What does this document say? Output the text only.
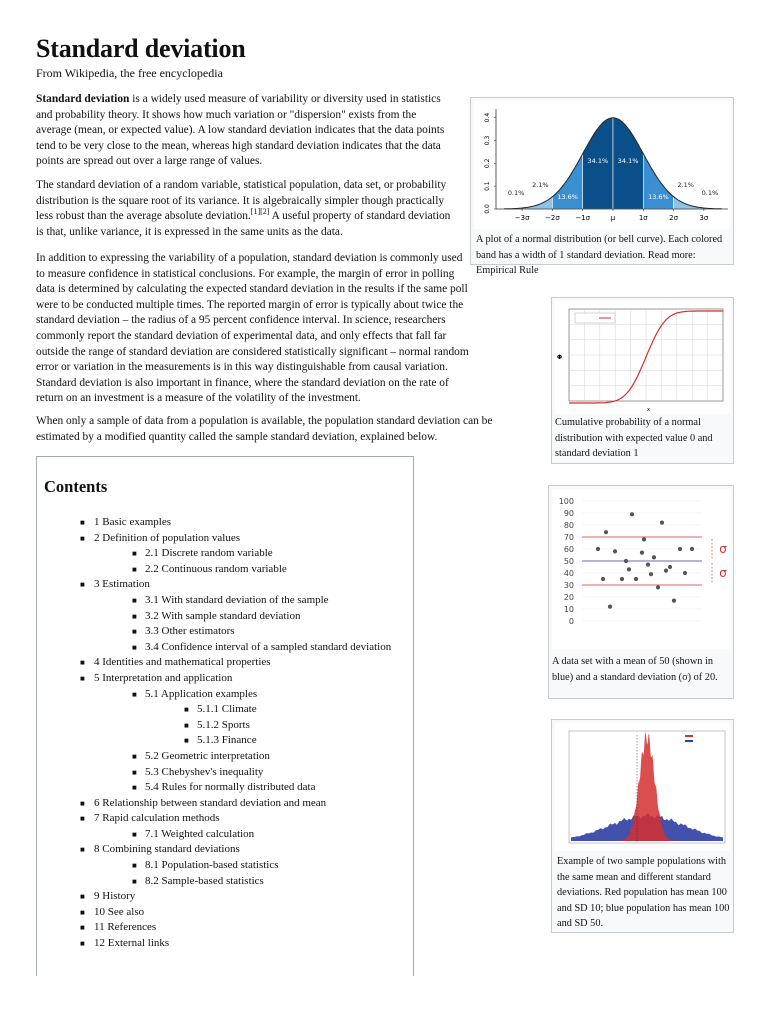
Standard deviation
From Wikipedia, the free encyclopedia

Standard deviation is a widely used measure of variability or diversity used in statistics and probability theory. It shows how much variation or "dispersion" exists from the average (mean, or expected value). A low standard deviation indicates that the data points tend to be very close to the mean, whereas high standard deviation indicates that the data points are spread out over a large range of values.

The standard deviation of a random variable, statistical population, data set, or probability distribution is the square root of its variance. It is algebraically simpler though practically less robust than the average absolute deviation.[1][2] A useful property of standard deviation is that, unlike variance, it is expressed in the same units as the data.

In addition to expressing the variability of a population, standard deviation is commonly used to measure confidence in statistical conclusions. For example, the margin of error in polling data is determined by calculating the expected standard deviation in the results if the same poll were to be conducted multiple times. The reported margin of error is typically about twice the standard deviation – the radius of a 95 percent confidence interval. In science, researchers commonly report the standard deviation of experimental data, and only effects that fall far outside the range of standard deviation are considered statistically significant – normal random error or variation in the measurements is in this way distinguishable from causal variation. Standard deviation is also important in finance, where the standard deviation on the rate of return on an investment is a measure of the volatility of the investment.

When only a sample of data from a population is available, the population standard deviation can be estimated by a modified quantity called the sample standard deviation, explained below.

0.0
0.1
0.2
0.3
0.4
−3σ −2σ −1σ	μ	1σ	2σ	3σ
0.1%
2.1%
13.6%
34.1% 34.1%
13.6%
2.1%
0.1%
A plot of a normal distribution (or bell curve). Each colored band has a width of 1 standard deviation. Read more: Empirical Rule
Φ
x
Cumulative probability of a normal distribution with expected value 0 and standard deviation 1
100
90
80
70
60
50
40
30
20
10
0
σ
σ
A data set with a mean of 50 (shown in blue) and a standard deviation (σ) of 20.
Example of two sample populations with the same mean and different standard deviations. Red population has mean 100 and SD 10; blue population has mean 100 and SD 50.
Contents
■ 1 Basic examples
■ 2 Definition of population values
■ 2.1 Discrete random variable
■ 2.2 Continuous random variable
■ 3 Estimation
■ 3.1 With standard deviation of the sample
■ 3.2 With sample standard deviation
■ 3.3 Other estimators
■ 3.4 Confidence interval of a sampled standard deviation
■ 4 Identities and mathematical properties
■ 5 Interpretation and application
■ 5.1 Application examples
■ 5.1.1 Climate
■ 5.1.2 Sports
■ 5.1.3 Finance
■ 5.2 Geometric interpretation
■ 5.3 Chebyshev's inequality
■ 5.4 Rules for normally distributed data
■ 6 Relationship between standard deviation and mean
■ 7 Rapid calculation methods
■ 7.1 Weighted calculation
■ 8 Combining standard deviations
■ 8.1 Population-based statistics
■ 8.2 Sample-based statistics
■ 9 History
■ 10 See also
■ 11 References
■ 12 External links
